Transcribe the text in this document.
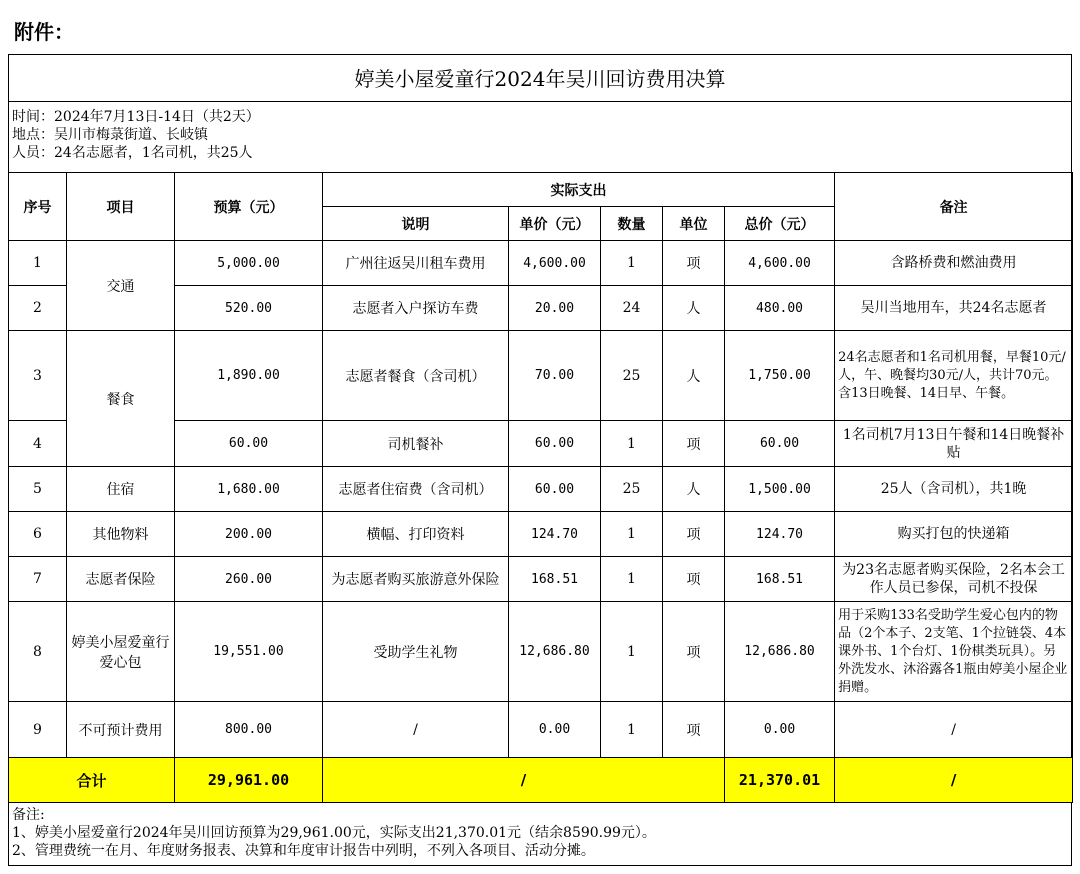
附件：
婷美小屋爱童行2024年吴川回访费用决算
时间：2024年7月13日-14日（共2天）
地点：吴川市梅菉街道、长岐镇
人员：24名志愿者，1名司机，共25人
序号	项目	预算（元）	实际支出					备注
			说明	单价（元）	数量	单位	总价（元）	
1	交通	5,000.00	广州往返吴川租车费用	4,600.00	1	项	4,600.00	含路桥费和燃油费用
2		520.00	志愿者入户探访车费	20.00	24	人	480.00	吴川当地用车，共24名志愿者
3	餐食	1,890.00	志愿者餐食（含司机）	70.00	25	人	1,750.00	24名志愿者和1名司机用餐，早餐10元/人，午、晚餐均30元/人，共计70元。含13日晚餐、14日早、午餐。
4		60.00	司机餐补	60.00	1	项	60.00	1名司机7月13日午餐和14日晚餐补贴
5	住宿	1,680.00	志愿者住宿费（含司机）	60.00	25	人	1,500.00	25人（含司机），共1晚
6	其他物料	200.00	横幅、打印资料	124.70	1	项	124.70	购买打包的快递箱
7	志愿者保险	260.00	为志愿者购买旅游意外保险	168.51	1	项	168.51	为23名志愿者购买保险，2名本会工作人员已参保，司机不投保
8	婷美小屋爱童行爱心包	19,551.00	受助学生礼物	12,686.80	1	项	12,686.80	用于采购133名受助学生爱心包内的物品（2个本子、2支笔、1个拉链袋、4本课外书、1个台灯、1份棋类玩具）。另外洗发水、沐浴露各1瓶由婷美小屋企业捐赠。
9	不可预计费用	800.00	/	0.00	1	项	0.00	/
合计		29,961.00	/				21,370.01	/
备注:
1、婷美小屋爱童行2024年吴川回访预算为29,961.00元，实际支出21,370.01元（结余8590.99元）。
2、管理费统一在月、年度财务报表、决算和年度审计报告中列明，不列入各项目、活动分摊。
